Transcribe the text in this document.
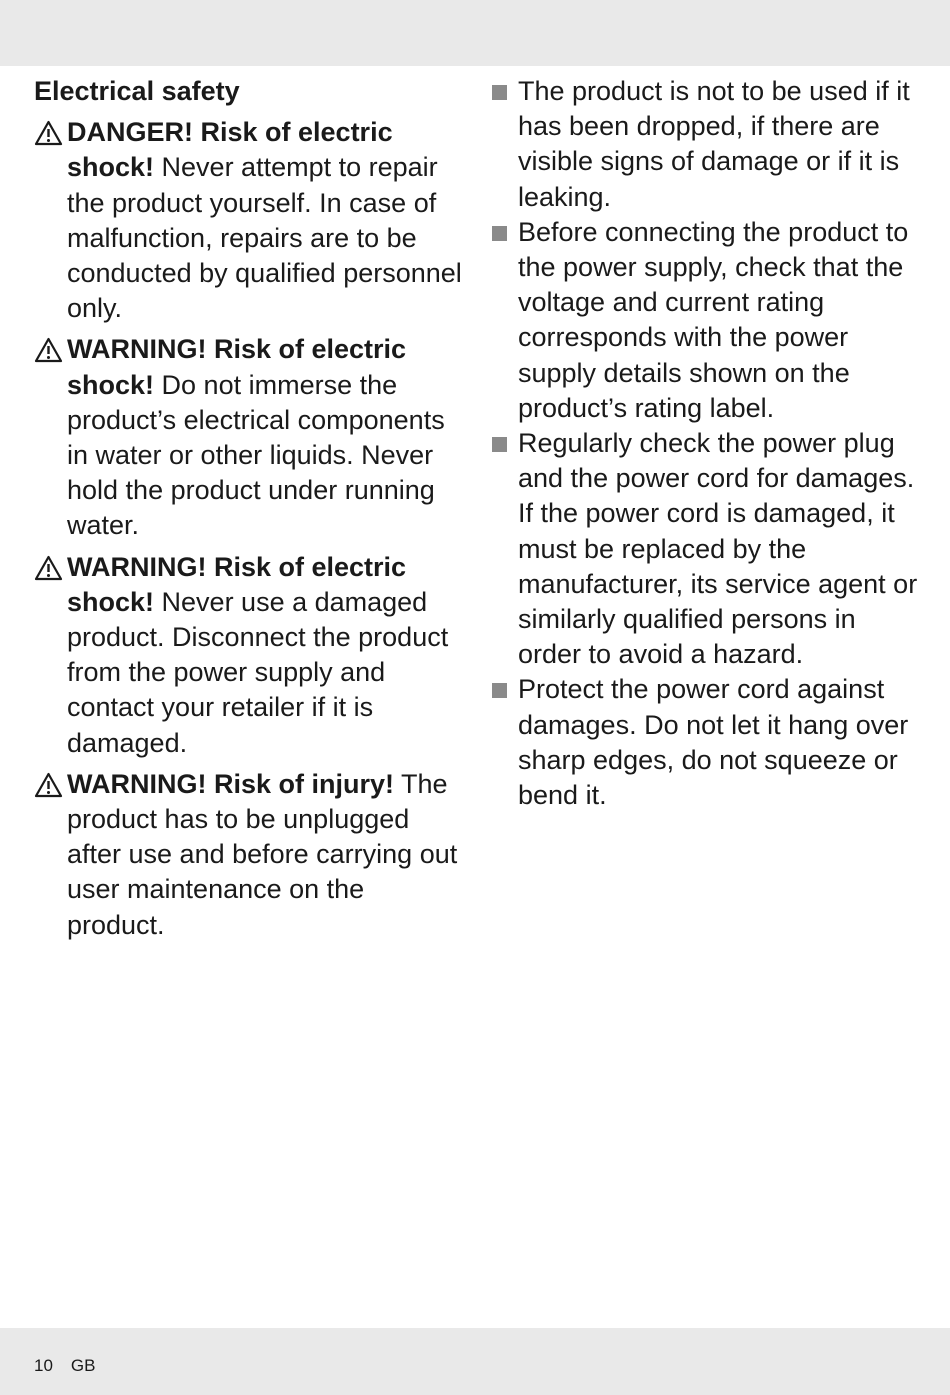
Electrical safety
DANGER! Risk of electric shock! Never attempt to repair the product yourself. In case of malfunction, repairs are to be conducted by qualified personnel only.
WARNING! Risk of electric shock! Do not immerse the product’s electrical components in water or other liquids. Never hold the product under running water.
WARNING! Risk of electric shock! Never use a damaged product. Disconnect the product from the power supply and contact your retailer if it is damaged.
WARNING! Risk of injury! The product has to be unplugged after use and before carrying out user maintenance on the product.
The product is not to be used if it has been dropped, if there are visible signs of damage or if it is leaking.
Before connecting the product to the power supply, check that the voltage and current rating corresponds with the power supply details shown on the product’s rating label.
Regularly check the power plug and the power cord for damages. If the power cord is damaged, it must be replaced by the manufacturer, its service agent or similarly qualified persons in order to avoid a hazard.
Protect the power cord against damages. Do not let it hang over sharp edges, do not squeeze or bend it.
10 GB
